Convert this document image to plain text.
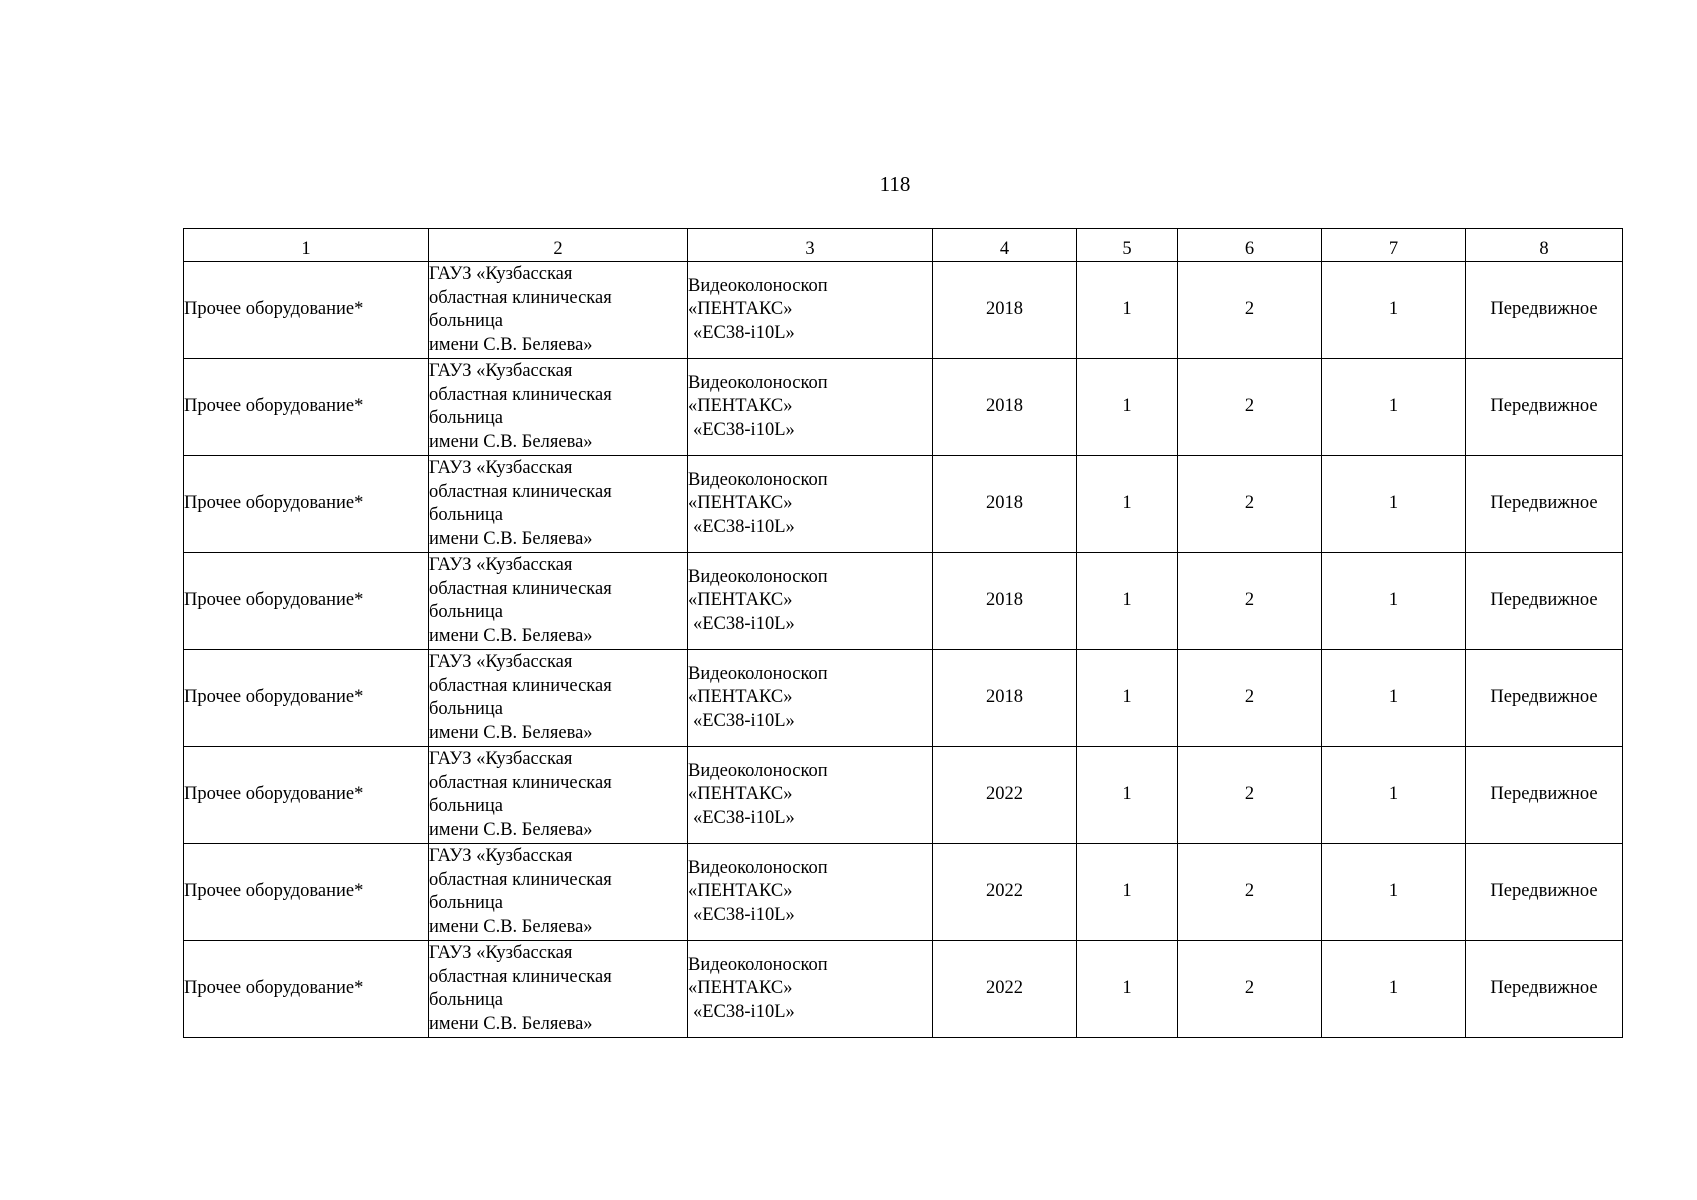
118
1	2	3	4	5	6	7	8
Прочее оборудование*	ГАУЗ «Кузбасская
областная клиническая
больница
имени С.В. Беляева»	Видеоколоноскоп
«ПЕНТАКС»
«EC38-i10L»	2018	1	2	1	Передвижное
Прочее оборудование*	ГАУЗ «Кузбасская
областная клиническая
больница
имени С.В. Беляева»	Видеоколоноскоп
«ПЕНТАКС»
«EC38-i10L»	2018	1	2	1	Передвижное
Прочее оборудование*	ГАУЗ «Кузбасская
областная клиническая
больница
имени С.В. Беляева»	Видеоколоноскоп
«ПЕНТАКС»
«EC38-i10L»	2018	1	2	1	Передвижное
Прочее оборудование*	ГАУЗ «Кузбасская
областная клиническая
больница
имени С.В. Беляева»	Видеоколоноскоп
«ПЕНТАКС»
«EC38-i10L»	2018	1	2	1	Передвижное
Прочее оборудование*	ГАУЗ «Кузбасская
областная клиническая
больница
имени С.В. Беляева»	Видеоколоноскоп
«ПЕНТАКС»
«EC38-i10L»	2018	1	2	1	Передвижное
Прочее оборудование*	ГАУЗ «Кузбасская
областная клиническая
больница
имени С.В. Беляева»	Видеоколоноскоп
«ПЕНТАКС»
«EC38-i10L»	2022	1	2	1	Передвижное
Прочее оборудование*	ГАУЗ «Кузбасская
областная клиническая
больница
имени С.В. Беляева»	Видеоколоноскоп
«ПЕНТАКС»
«EC38-i10L»	2022	1	2	1	Передвижное
Прочее оборудование*	ГАУЗ «Кузбасская
областная клиническая
больница
имени С.В. Беляева»	Видеоколоноскоп
«ПЕНТАКС»
«EC38-i10L»	2022	1	2	1	Передвижное
